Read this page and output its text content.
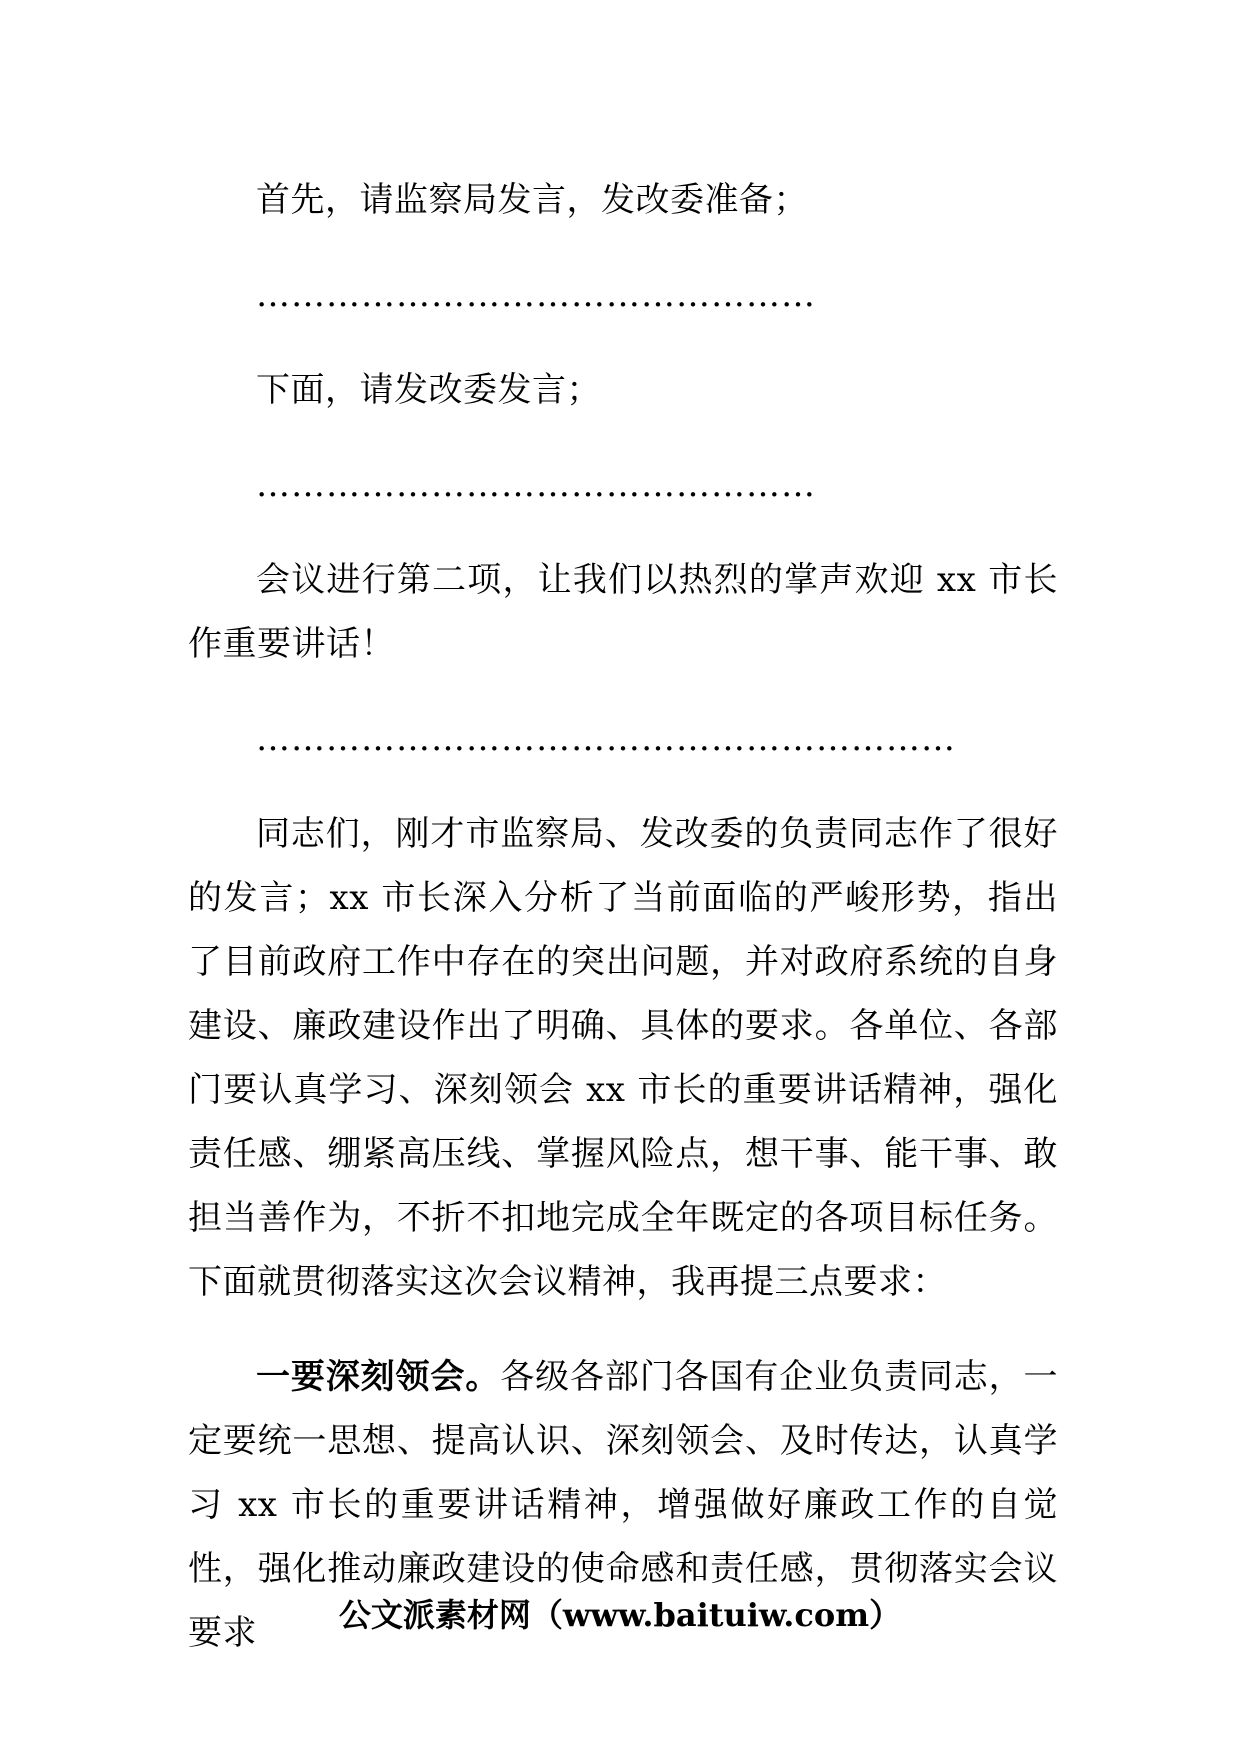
首先，请监察局发言，发改委准备；

…………………………………………

下面，请发改委发言；

…………………………………………

会议进行第二项，让我们以热烈的掌声欢迎 xx 市长作重要讲话！

……………………………………………………

同志们，刚才市监察局、发改委的负责同志作了很好的发言；xx 市长深入分析了当前面临的严峻形势，指出了目前政府工作中存在的突出问题，并对政府系统的自身建设、廉政建设作出了明确、具体的要求。各单位、各部门要认真学习、深刻领会 xx 市长的重要讲话精神，强化责任感、绷紧高压线、掌握风险点，想干事、能干事、敢担当善作为，不折不扣地完成全年既定的各项目标任务。下面就贯彻落实这次会议精神，我再提三点要求：

一要深刻领会。各级各部门各国有企业负责同志，一定要统一思想、提高认识、深刻领会、及时传达，认真学习 xx 市长的重要讲话精神，增强做好廉政工作的自觉性，强化推动廉政建设的使命感和责任感，贯彻落实会议要求	公文派素材网（www.baituiw.com）
